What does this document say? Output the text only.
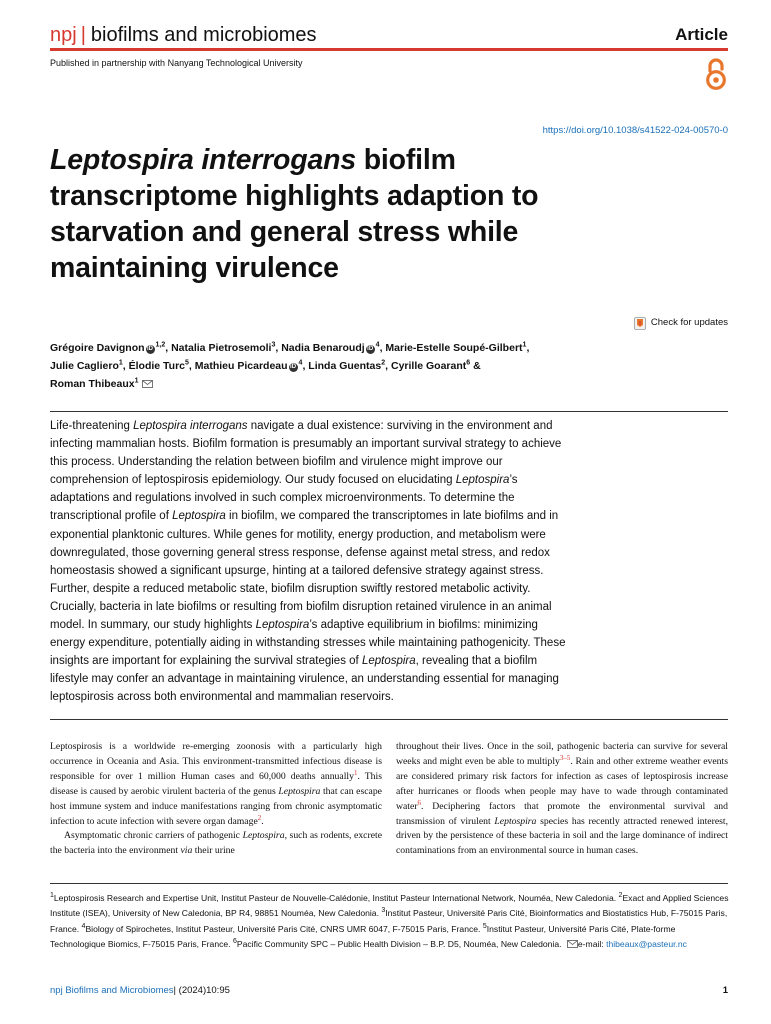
npj | biofilms and microbiomes	Article
Published in partnership with Nanyang Technological University
https://doi.org/10.1038/s41522-024-00570-0
Leptospira interrogans biofilm
transcriptome highlights adaption to
starvation and general stress while
maintaining virulence
Check for updates
Grégoire Davignon iD$^{1,2}$, Natalia Pietrosemoli$^3$, Nadia Benaroudj $iD^4$, Marie-Estelle Soupé-Gilbert$^1$,
Julie Cagliero$^1$, Élodie Turc$^5$, Mathieu Picardeau $iD^4$, Linda Guentas$^2$, Cyrille Goarant$^6$ &
Roman Thibeaux$^1$
Life-threatening Leptospira interrogans navigate a dual existence: surviving in the environment and
infecting mammalian hosts. Biofilm formation is presumably an important survival strategy to achieve
this process. Understanding the relation between biofilm and virulence might improve our
comprehension of leptospirosis epidemiology. Our study focused on elucidating Leptospira’s
adaptations and regulations involved in such complex microenvironments. To determine the
transcriptional profile of Leptospira in biofilm, we compared the transcriptomes in late biofilms and in
exponential planktonic cultures. While genes for motility, energy production, and metabolism were
downregulated, those governing general stress response, defense against metal stress, and redox
homeostasis showed a significant upsurge, hinting at a tailored defensive strategy against stress.
Further, despite a reduced metabolic state, biofilm disruption swiftly restored metabolic activity.
Crucially, bacteria in late biofilms or resulting from biofilm disruption retained virulence in an animal
model. In summary, our study highlights Leptospira’s adaptive equilibrium in biofilms: minimizing
energy expenditure, potentially aiding in withstanding stresses while maintaining pathogenicity. These
insights are important for explaining the survival strategies of Leptospira, revealing that a biofilm
lifestyle may confer an advantage in maintaining virulence, an understanding essential for managing
leptospirosis across both environmental and mammalian reservoirs.

Leptospirosis is a worldwide re-emerging zoonosis with a particularly high occurrence in Oceania and Asia. This environment-transmitted infectious disease is responsible for over 1 million Human cases and 60,000 deaths annually$^1$. This disease is caused by aerobic virulent bacteria of the genus Leptospira that can escape host immune system and induce manifestations ranging from chronic asymptomatic infection to acute infection with severe organ damage$^2$.

Asymptomatic chronic carriers of pathogenic Leptospira, such as rodents, excrete the bacteria into the environment via their urine

throughout their lives. Once in the soil, pathogenic bacteria can survive for several weeks and might even be able to multiply$^{3-5}$. Rain and other extreme weather events are considered primary risk factors for infection as cases of leptospirosis increase after hurricanes or floods when people may have to wade through contaminated water$^6$. Deciphering factors that promote the environmental survival and transmission of virulent Leptospira species has recently attracted renewed interest, driven by the persistence of these bacteria in soil and the large dominance of indirect contaminations from an environmental source in human cases.

$^1$Leptospirosis Research and Expertise Unit, Institut Pasteur de Nouvelle-Calédonie, Institut Pasteur International Network, Nouméa, New Caledonia. $^2$Exact and Applied Sciences Institute (ISEA), University of New Caledonia, BP R4, 98851 Nouméa, New Caledonia. $^3$Institut Pasteur, Université Paris Cité, Bioinformatics and Biostatistics Hub, F-75015 Paris, France. $^4$Biology of Spirochetes, Institut Pasteur, Université Paris Cité, CNRS UMR 6047, F-75015 Paris, France. $^5$Institut Pasteur, Université Paris Cité, Plate-forme Technologique Biomics, F-75015 Paris, France. $^6$Pacific Community SPC – Public Health Division – B.P. D5, Nouméa, New Caledonia. e-mail: thibeaux@pasteur.nc
npj Biofilms and Microbiomes| (2024)10:95	1
